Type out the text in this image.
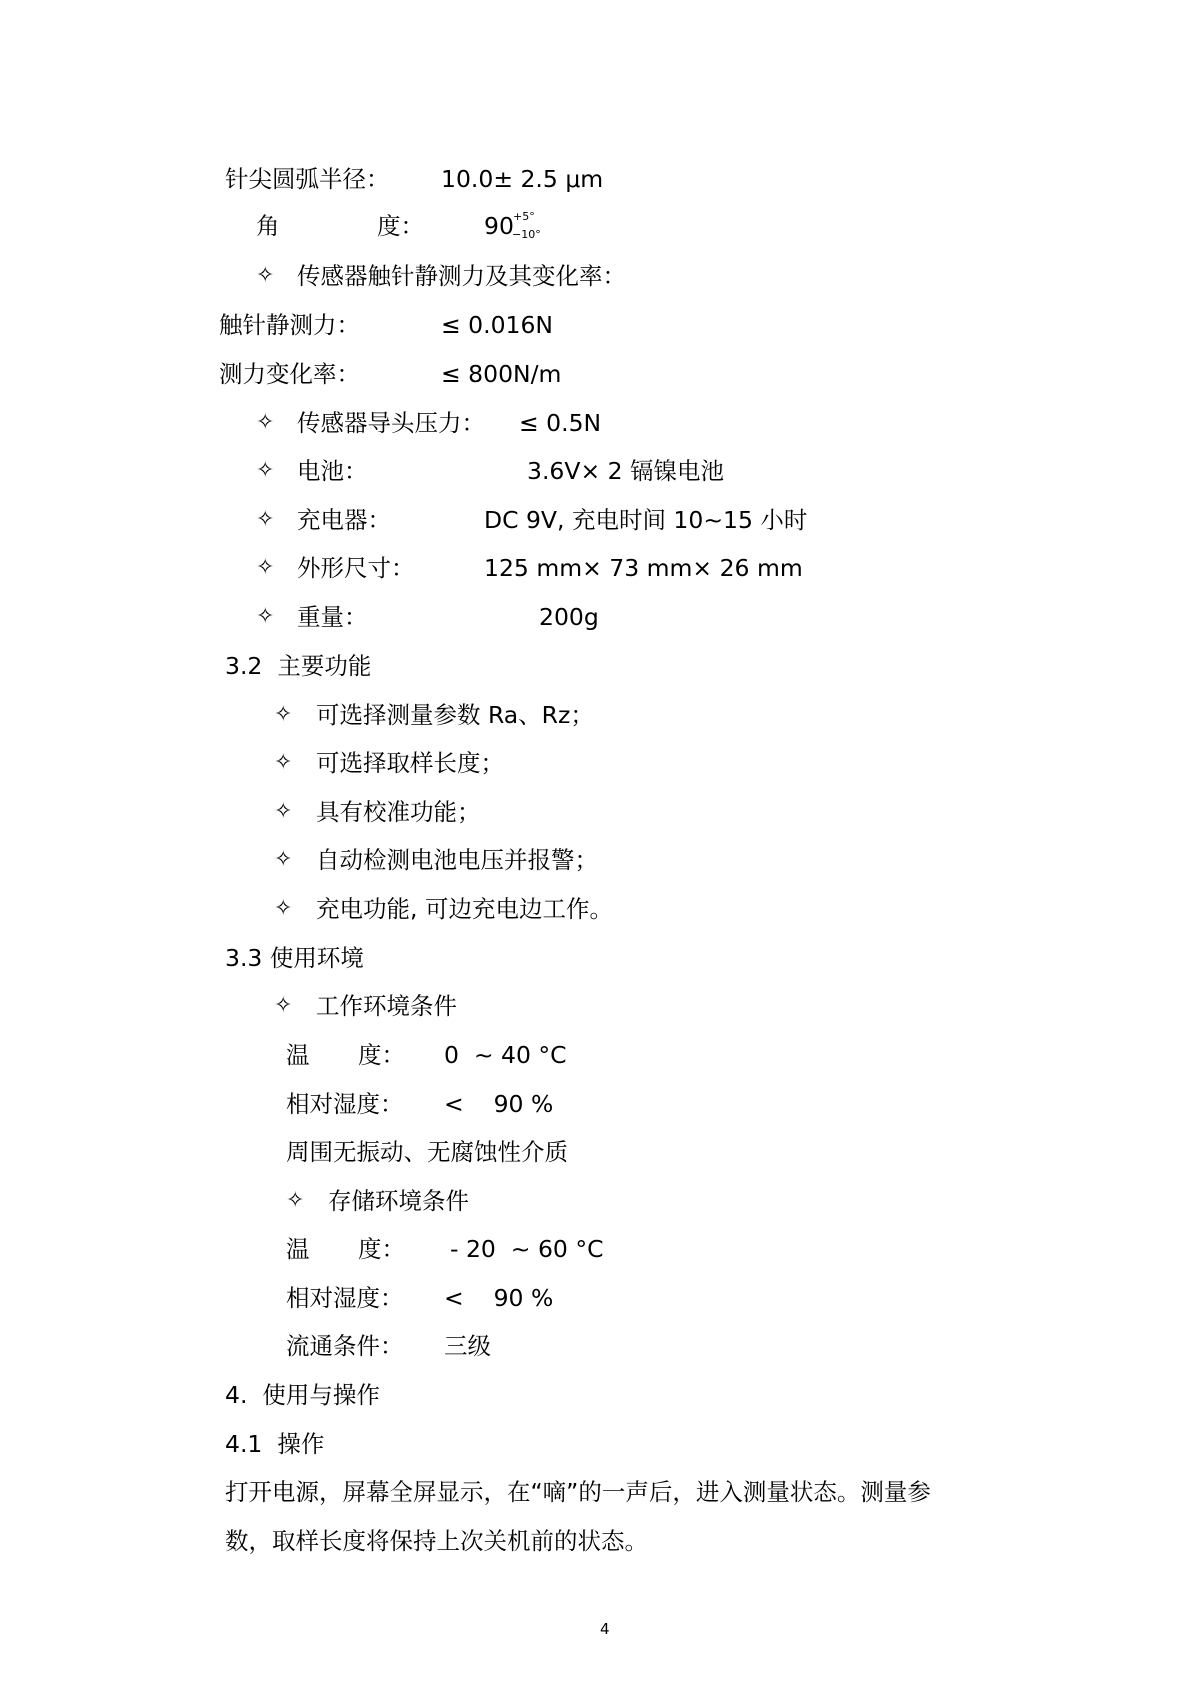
针尖圆弧半径： 10.0± 2.5 μm
角	度：	90 +5°
−10°
✧ 传感器触针静测力及其变化率：
触针静测力：	≤ 0.016N
测力变化率：	≤ 800N/m
✧ 传感器导头压力： ≤ 0.5N
✧ 电池：	3.6V× 2 镉镍电池
✧ 充电器：	DC 9V, 充电时间 10~15 小时
✧ 外形尺寸：	125 mm× 73 mm× 26 mm
✧ 重量：	200g
3.2  主要功能
✧ 可选择测量参数 Ra、Rz；
✧ 可选择取样长度；
✧ 具有校准功能；
✧ 自动检测电池电压并报警；
✧ 充电功能, 可边充电边工作。
3.3 使用环境
✧ 工作环境条件
温 度： 0  ~ 40 °C
相对湿度： <    90 %
周围无振动、无腐蚀性介质
✧ 存储环境条件
温 度： - 20  ~ 60 °C
相对湿度： <    90 %
流通条件： 三级
4.  使用与操作
4.1  操作
打开电源，屏幕全屏显示，在“嘀”的一声后，进入测量状态。测量参
数，取样长度将保持上次关机前的状态。
4
